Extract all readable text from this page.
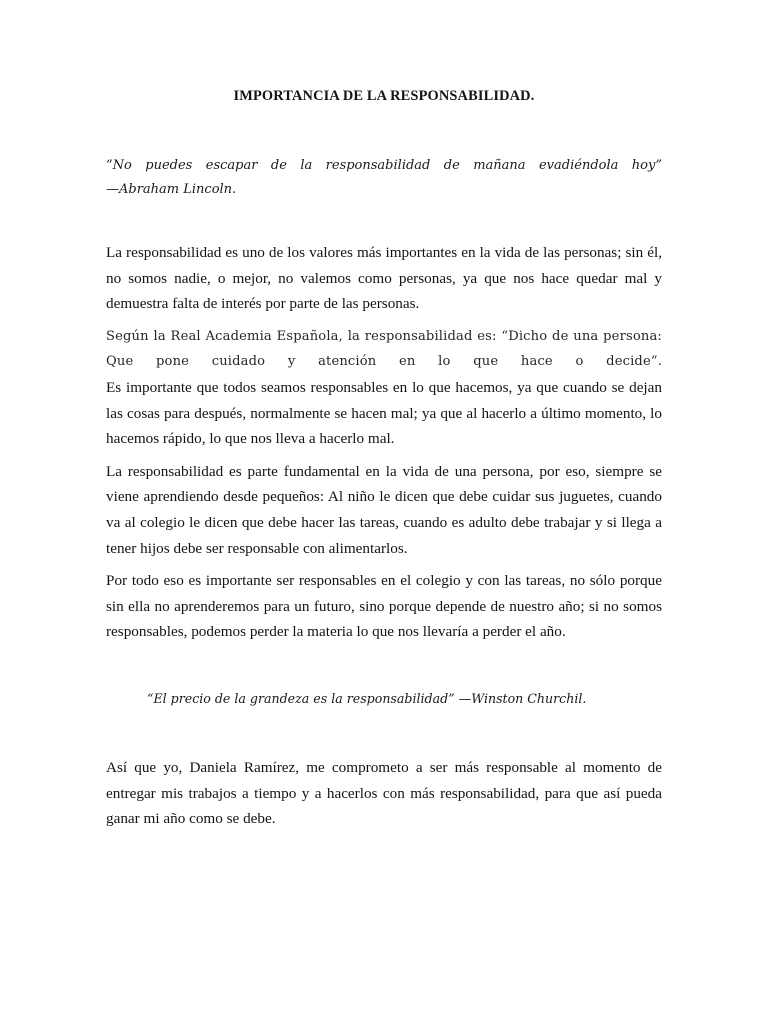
IMPORTANCIA DE LA RESPONSABILIDAD.
“No puedes escapar de la responsabilidad de mañana evadiéndola hoy”
—Abraham Lincoln.

La responsabilidad es uno de los valores más importantes en la vida de las personas; sin él, no somos nadie, o mejor, no valemos como personas, ya que nos hace quedar mal y demuestra falta de interés por parte de las personas.

Según la Real Academia Española, la responsabilidad es: “Dicho de una persona: Que pone cuidado y atención en lo que hace o decide”.
Es importante que todos seamos responsables en lo que hacemos, ya que cuando se dejan las cosas para después, normalmente se hacen mal; ya que al hacerlo a último momento, lo hacemos rápido, lo que nos lleva a hacerlo mal.

La responsabilidad es parte fundamental en la vida de una persona, por eso, siempre se viene aprendiendo desde pequeños: Al niño le dicen que debe cuidar sus juguetes, cuando va al colegio le dicen que debe hacer las tareas, cuando es adulto debe trabajar y si llega a tener hijos debe ser responsable con alimentarlos.

Por todo eso es importante ser responsables en el colegio y con las tareas, no sólo porque sin ella no aprenderemos para un futuro, sino porque depende de nuestro año; si no somos responsables, podemos perder la materia lo que nos llevaría a perder el año.

“El precio de la grandeza es la responsabilidad” —Winston Churchil.

Así que yo, Daniela Ramírez, me comprometo a ser más responsable al momento de entregar mis trabajos a tiempo y a hacerlos con más responsabilidad, para que así pueda ganar mi año como se debe.
